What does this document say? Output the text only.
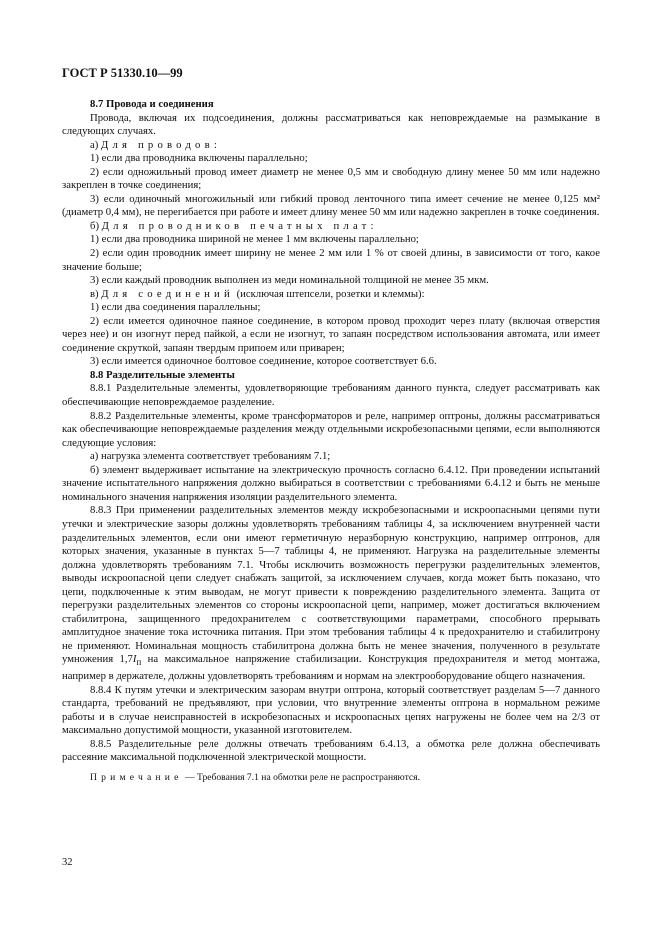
ГОСТ Р 51330.10—99

8.7 Провода и соединения

Провода, включая их подсоединения, должны рассматриваться как неповреждаемые на размыкание в следующих случаях.

а) Для проводов:

1) если два проводника включены параллельно;

2) если одножильный провод имеет диаметр не менее 0,5 мм и свободную длину менее 50 мм или надежно закреплен в точке соединения;

3) если одиночный многожильный или гибкий провод ленточного типа имеет сечение не менее 0,125 мм² (диаметр 0,4 мм), не перегибается при работе и имеет длину менее 50 мм или надежно закреплен в точке соединения.

б) Для проводников печатных плат:

1) если два проводника шириной не менее 1 мм включены параллельно;

2) если один проводник имеет ширину не менее 2 мм или 1 % от своей длины, в зависимости от того, какое значение больше;

3) если каждый проводник выполнен из меди номинальной толщиной не менее 35 мкм.

в) Для соединений (исключая штепсели, розетки и клеммы):

1) если два соединения параллельны;

2) если имеется одиночное паяное соединение, в котором провод проходит через плату (включая отверстия через нее) и он изогнут перед пайкой, а если не изогнут, то запаян посредством использования автомата, или имеет соединение скруткой, запаян твердым припоем или приварен;

3) если имеется одиночное болтовое соединение, которое соответствует 6.6.

8.8 Разделительные элементы

8.8.1 Разделительные элементы, удовлетворяющие требованиям данного пункта, следует рассматривать как обеспечивающие неповреждаемое разделение.

8.8.2 Разделительные элементы, кроме трансформаторов и реле, например оптроны, должны рассматриваться как обеспечивающие неповреждаемые разделения между отдельными искробезопасными цепями, если выполняются следующие условия:

а) нагрузка элемента соответствует требованиям 7.1;

б) элемент выдерживает испытание на электрическую прочность согласно 6.4.12. При проведении испытаний значение испытательного напряжения должно выбираться в соответствии с требованиями 6.4.12 и быть не меньше номинального значения напряжения изоляции разделительного элемента.

8.8.3 При применении разделительных элементов между искробезопасными и искроопасными цепями пути утечки и электрические зазоры должны удовлетворять требованиям таблицы 4, за исключением внутренней части разделительных элементов, если они имеют герметичную неразборную конструкцию, например оптронов, для которых значения, указанные в пунктах 5—7 таблицы 4, не применяют. Нагрузка на разделительные элементы должна удовлетворять требованиям 7.1. Чтобы исключить возможность перегрузки разделительных элементов, выводы искроопасной цепи следует снабжать защитой, за исключением случаев, когда может быть показано, что цепи, подключенные к этим выводам, не могут привести к повреждению разделительного элемента. Защита от перегрузки разделительных элементов со стороны искроопасной цепи, например, может достигаться включением стабилитрона, защищенного предохранителем с соответствующими параметрами, способного прерывать амплитудное значение тока источника питания. При этом требования таблицы 4 к предохранителю и стабилитрону не применяют. Номинальная мощность стабилитрона должна быть не менее значения, полученного в результате умножения $1,7I_п$ на максимальное напряжение стабилизации. Конструкция предохранителя и метод монтажа, например в держателе, должны удовлетворять требованиям и нормам на электрооборудование общего назначения.

8.8.4 К путям утечки и электрическим зазорам внутри оптрона, который соответствует разделам 5—7 данного стандарта, требований не предъявляют, при условии, что внутренние элементы оптрона в нормальном режиме работы и в случае неисправностей в искробезопасных и искроопасных цепях нагружены не более чем на 2/3 от максимально допустимой мощности, указанной изготовителем.

8.8.5 Разделительные реле должны отвечать требованиям 6.4.13, а обмотка реле должна обеспечивать рассеяние максимальной подключенной электрической мощности.

Примечание — Требования 7.1 на обмотки реле не распространяются.

32
